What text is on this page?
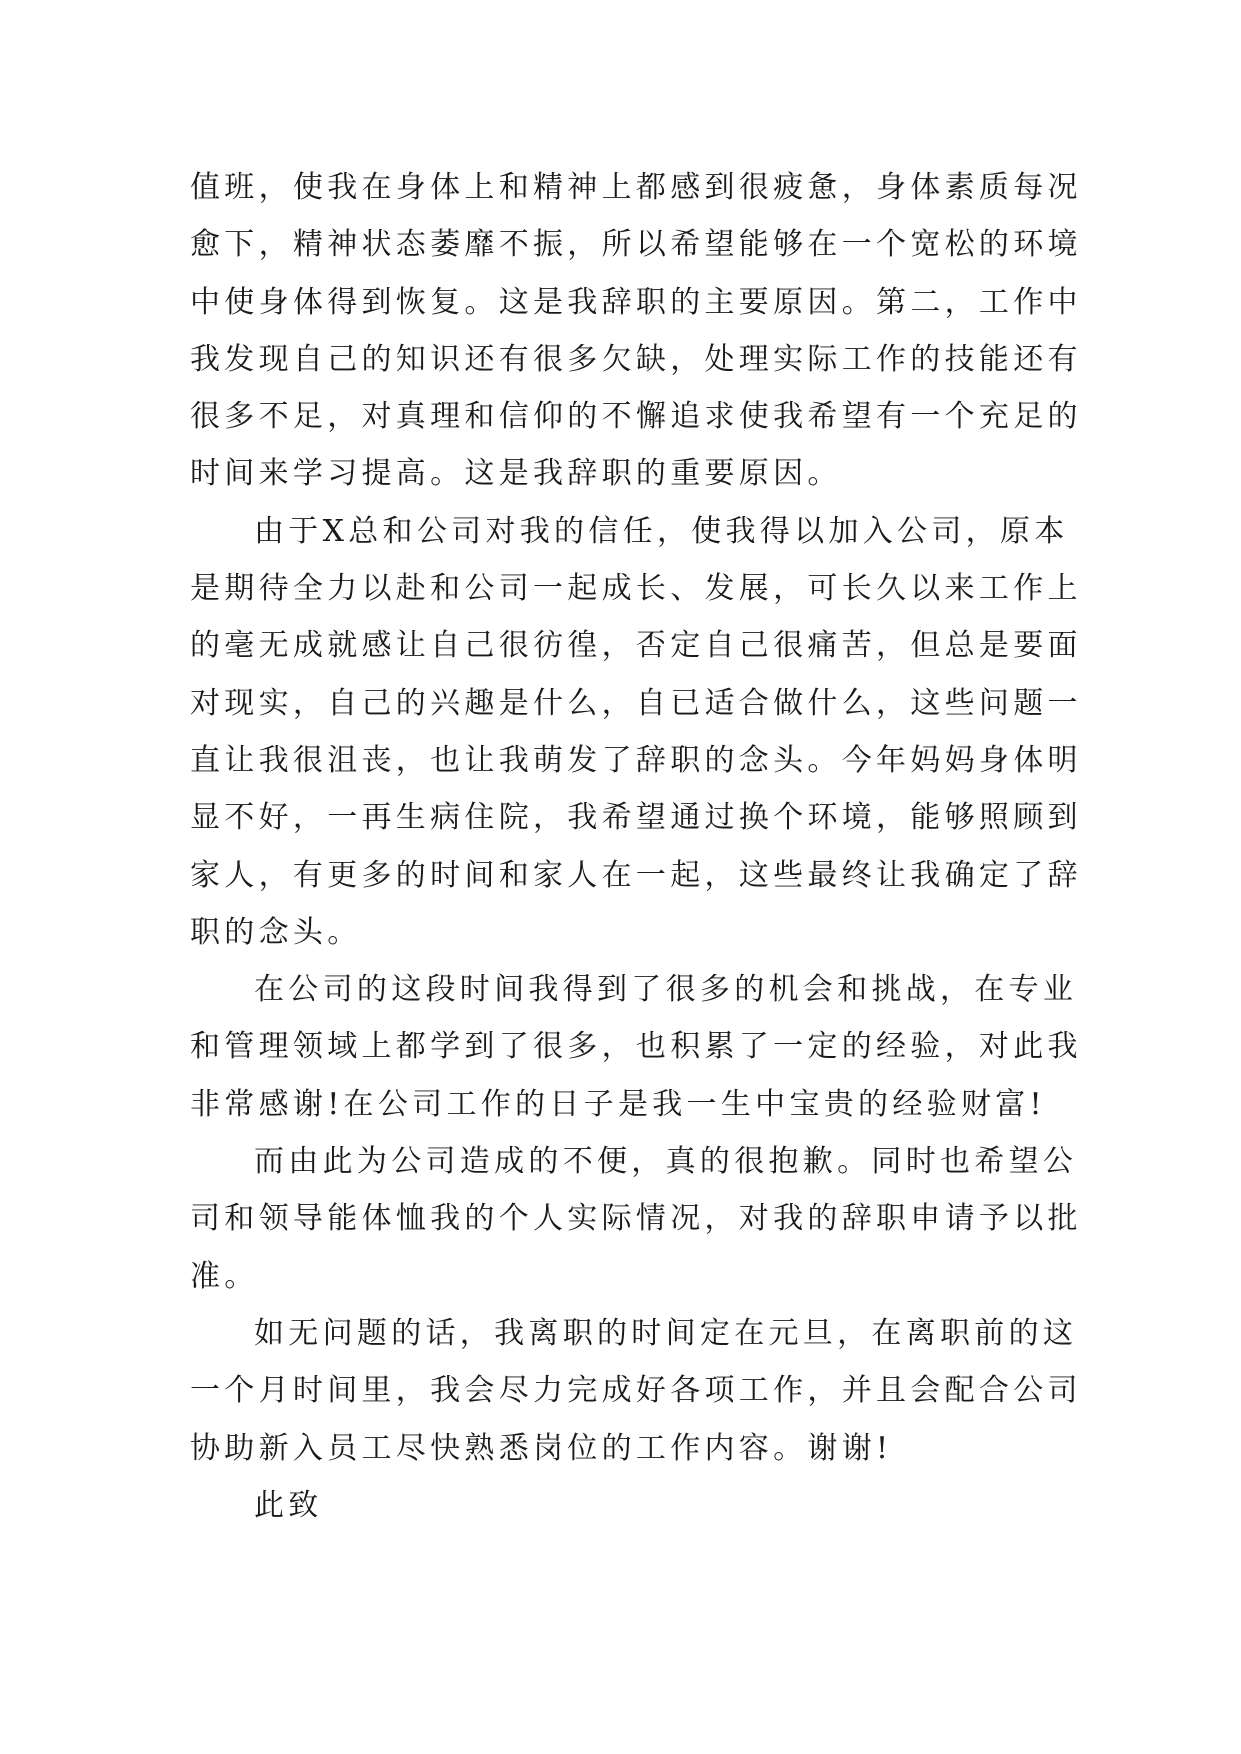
值班，使我在身体上和精神上都感到很疲惫，身体素质每况
愈下，精神状态萎靡不振，所以希望能够在一个宽松的环境
中使身体得到恢复。这是我辞职的主要原因。第二，工作中
我发现自己的知识还有很多欠缺，处理实际工作的技能还有
很多不足，对真理和信仰的不懈追求使我希望有一个充足的
时间来学习提高。这是我辞职的重要原因。
由于X总和公司对我的信任，使我得以加入公司，原本
是期待全力以赴和公司一起成长、发展，可长久以来工作上
的毫无成就感让自己很彷徨，否定自己很痛苦，但总是要面
对现实，自己的兴趣是什么，自已适合做什么，这些问题一
直让我很沮丧，也让我萌发了辞职的念头。今年妈妈身体明
显不好，一再生病住院，我希望通过换个环境，能够照顾到
家人，有更多的时间和家人在一起，这些最终让我确定了辞
职的念头。
在公司的这段时间我得到了很多的机会和挑战，在专业
和管理领域上都学到了很多，也积累了一定的经验，对此我
非常感谢!在公司工作的日子是我一生中宝贵的经验财富!
而由此为公司造成的不便，真的很抱歉。同时也希望公
司和领导能体恤我的个人实际情况，对我的辞职申请予以批
准。
如无问题的话，我离职的时间定在元旦，在离职前的这
一个月时间里，我会尽力完成好各项工作，并且会配合公司
协助新入员工尽快熟悉岗位的工作内容。谢谢!
此致
